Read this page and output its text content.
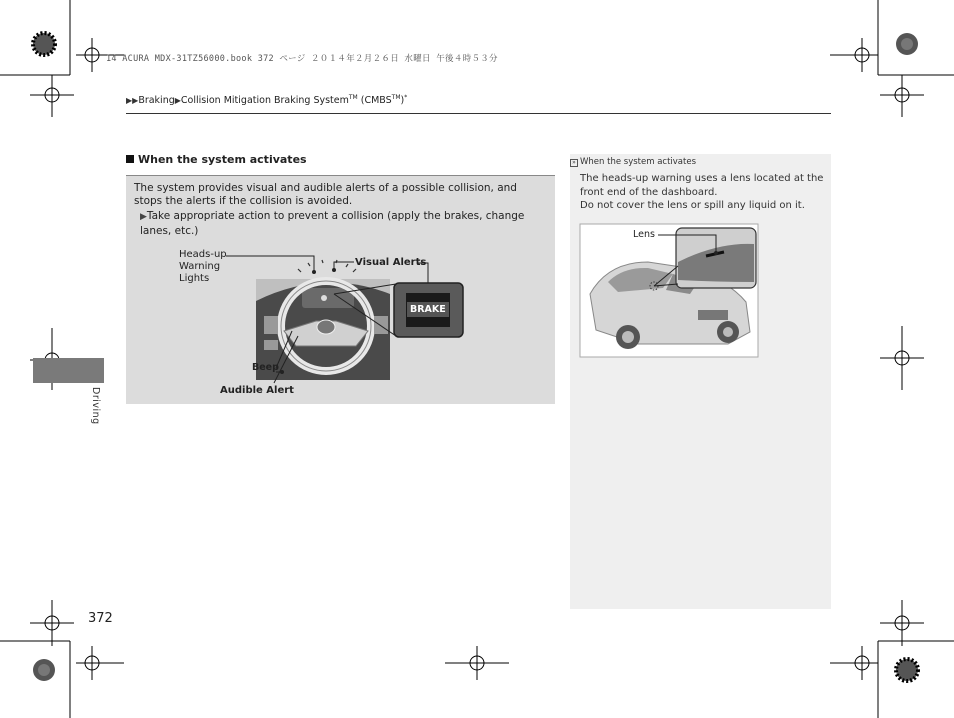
14 ACURA MDX-31TZ56000.book 372 ページ ２０１４年２月２６日 水曜日 午後４時５３分
▶▶Braking▶Collision Mitigation Braking System™ (CMBS™)*
When the system activates
The system provides visual and audible alerts of a possible collision, and stops the alerts if the collision is avoided.
▶Take appropriate action to prevent a collision (apply the brakes, change lanes, etc.)
Heads-up
Warning
Lights
Visual Alerts
BRAKE
Beep
Audible Alert
» When the system activates
The heads-up warning uses a lens located at the front end of the dashboard.
Do not cover the lens or spill any liquid on it.
Lens
Driving
372
